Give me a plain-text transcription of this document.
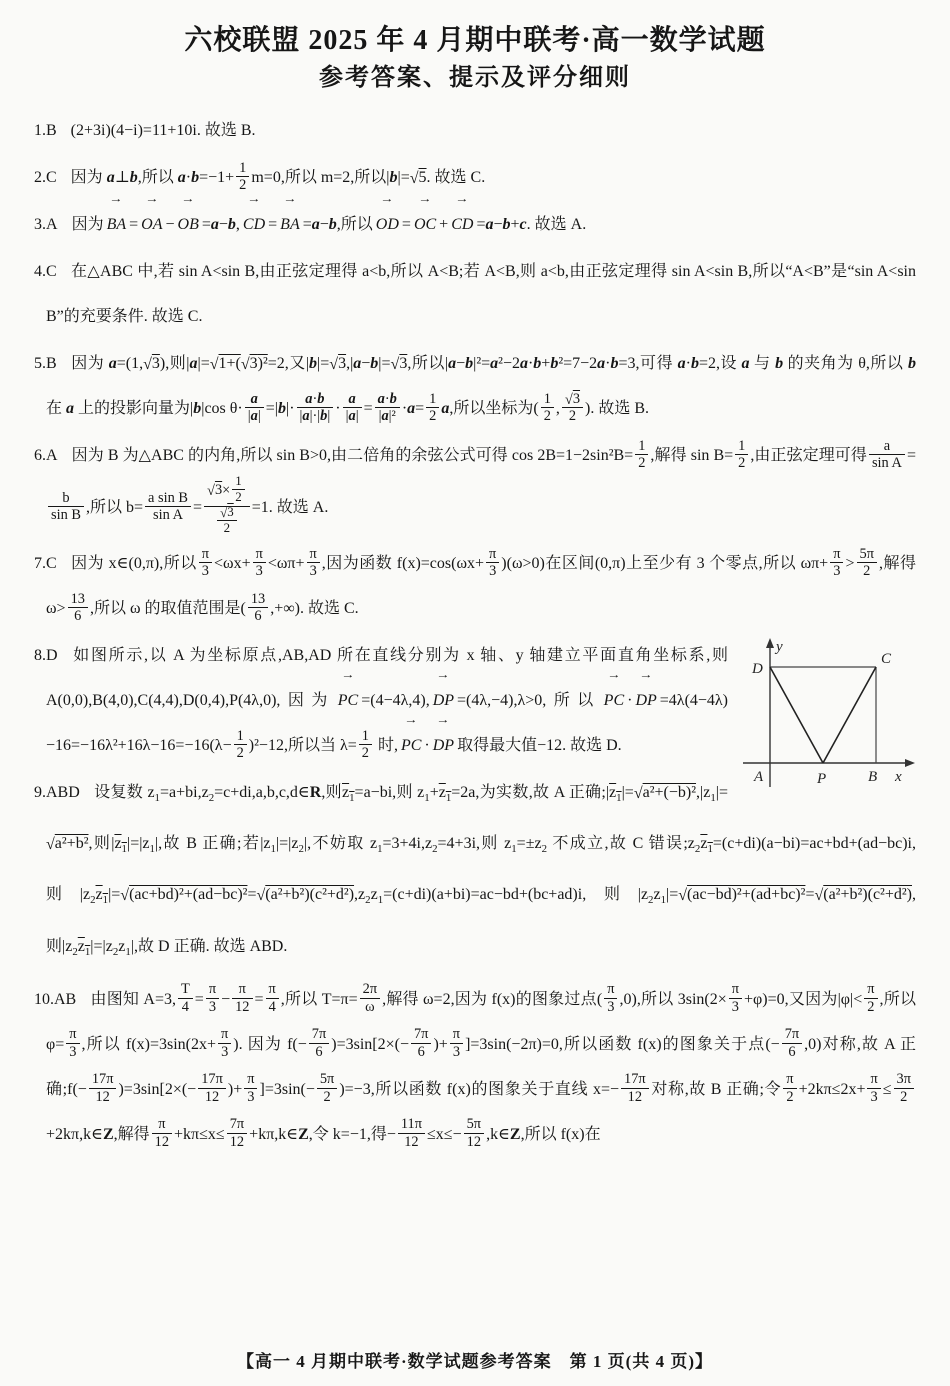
六校联盟 2025 年 4 月期中联考·高一数学试题
参考答案、提示及评分细则
1.B (2+3i)(4−i)=11+10i. 故选 B.
2.C 因为 a⊥b,所以 $a\cdot b=-1+ \frac{1}{2} m=0$,所以 m=2,所以|b|= √ 5. 故选 C.
3.A 因为 → BA = → OA − → OB =a−b, → CD = → BA =a−b,所以 → OD = → OC + → CD =a−b+c. 故选 A.
4.C 在△ABC 中,若 sin A<sin B,由正弦定理得 a<b,所以 A<B;若 A<B,则 a<b,由正弦定理得 sin A<sin B,所以“A<B”是“sin A<sin B”的充要条件. 故选 C.
5.B 因为 a=(1, √ 3),则|a|= √ 1+( √ 3)²=2,又|b|= √ 3,|a−b|= √ 3,所以|a−b|²=a²−2a·b+b²=7−2a·b=3,可得 a·b=2,设 a 与 b 的夹角为 θ,所以 b 在 a 上的投影向量为|b|cos $\theta\cdot \frac{a}{|a|} =|b|\cdot \frac{a\cdot b}{|a|\cdot|b|} \cdot \frac{a}{|a|} = \frac{a\cdot b}{\text{|a|²}} \cdot a= \frac{1}{2} a$,所以坐标为( $\frac{1}{2}$ , √ $\frac{3}{2}$ ). 故选 B.
6.A 因为 B 为△ABC 的内角,所以 sin B>0,由二倍角的余弦公式可得 $\cos 2B=1-2\sin^2B= \frac{1}{2}$ ,解得 $\sin B= \frac{1}{2}$ ,由正弦定理可得 $\frac{a}{\text{sin A}}$ =
$\frac{b}{\text{sin B}}$ ,所以 $b= \frac{\text{a sin B}}{\text{sin A}}$ = √ $3\times \frac{1}{2}$
√ $\frac{3}{2} =1$. 故选 A.
7.C 因为 x∈(0,π),所以 $\frac{\pi}{3} <\omega x+ \frac{\pi}{3} <\omega\pi+ \frac{\pi}{3}$ ,因为函数 $f(x)=\cos(\omega x+ \frac{\pi}{3} )(\omega>0)$在区间(0,π)上至少有 3 个零点,所以 $\omega\pi+ \frac{\pi}{3} > \frac{5\pi}{2}$ ,解得 $\omega> \frac{13}{6}$ ,所以 ω 的取值范围是( $\frac{13}{6}$ ,+∞). 故选 C.
y
x
D
C
A	P	B
8.D 如图所示,以 A 为坐标原点,AB,AD 所在直线分别为 x 轴、y 轴建立平面直角坐标系,则 A(0,0),B(4,0),C(4,4),D(0,4),P(4λ,0),因为 → PC =(4−4λ,4), → DP =(4λ,−4),λ>0,所以 → PC · → DP $=4\lambda(4-4\lambda)-16=-16\lambda^2+16\lambda-16=-16(\lambda- \frac{1}{2} )^2-12$,所以当 $\lambda= \frac{1}{2}$ 时, → PC · → DP 取得最大值−12. 故选 D.
9.ABD 设复数 $z_1=a+bi,z_2=c+di,a,b,c,d\in R$,则$z_1=a-bi$,则 $z_1+z_1=2a$,为实数,故 A 正确$;|z_1|=$ √ $a^2+(-b)^2,|z_1|=√$ a²+b²,则$|z_1|=|z_1|$,故 B 正确;若$|z_1|=|z_2|$,不妨取 $z_1=3+4i,z_2=4+3i$,则 $z_1=\pm z_2$ 不成立,故 C 错误$;z_2z_1=(c+di)(a-bi)=ac+bd+(ad-bc)i$,则$|z_2z_1|=$ √ (ac+bd)²+(ad−bc)²= √ $(a^2+b^2)(c^2+d^2),z_2z_1=(c+di)(a+bi)=ac-bd+(bc+ad)i$,则$|z_2z_1|=$ √ (ac−bd)²+(ad+bc)²= √ (a²+b²)(c²+d²),则$|z_2z_1|=|z_2z_1|$,故 D 正确. 故选 ABD.
10.AB 由图知 A=3, $\frac{T}{4} = \frac{\pi}{3} - \frac{\pi}{12} = \frac{\pi}{4}$ ,所以 $T=\pi= \frac{2\pi}{\omega}$ ,解得 ω=2,因为 f(x)的图象过点( $\frac{\pi}{3} ,0$),所以 $3\sin(2\times \frac{\pi}{3} +\varphi)=0$,又因为$|\varphi|< \frac{\pi}{2}$ ,所以 $\varphi= \frac{\pi}{3}$ ,所以 $f(x)=3\sin(2x+ \frac{\pi}{3}$ ). 因为 $f(- \frac{7\pi}{6} )=3\sin[2\times(- \frac{7\pi}{6}$ )+ $\frac{\pi}{3} ]=3\sin(-2\pi)=0$,所以函数 f(x)的图象关于点(− $\frac{7\pi}{6} ,0$)对称,故 A 正确;f(− $\frac{17\pi}{12} )=3\sin[2\times(- \frac{17\pi}{12}$ )+ $\frac{\pi}{3} ]=3\sin(- \frac{5\pi}{2} )=-3$,所以函数 f(x)的图象关于直线 $x=- \frac{17\pi}{12}$ 对称,故 B 正确;令 $\frac{\pi}{2} +2k\pi\le 2x+ \frac{\pi}{3} \le \frac{3\pi}{2}$
+2kπ,k∈Z,解得 $\frac{\pi}{12} +k\pi\le x\le \frac{7\pi}{12}$ +kπ,k∈Z,令 k=−1,得− $\frac{11\pi}{12} \le x\le- \frac{5\pi}{12}$ ,k∈Z,所以 f(x)在
【高一 4 月期中联考·数学试题参考答案　第 1 页(共 4 页)】
